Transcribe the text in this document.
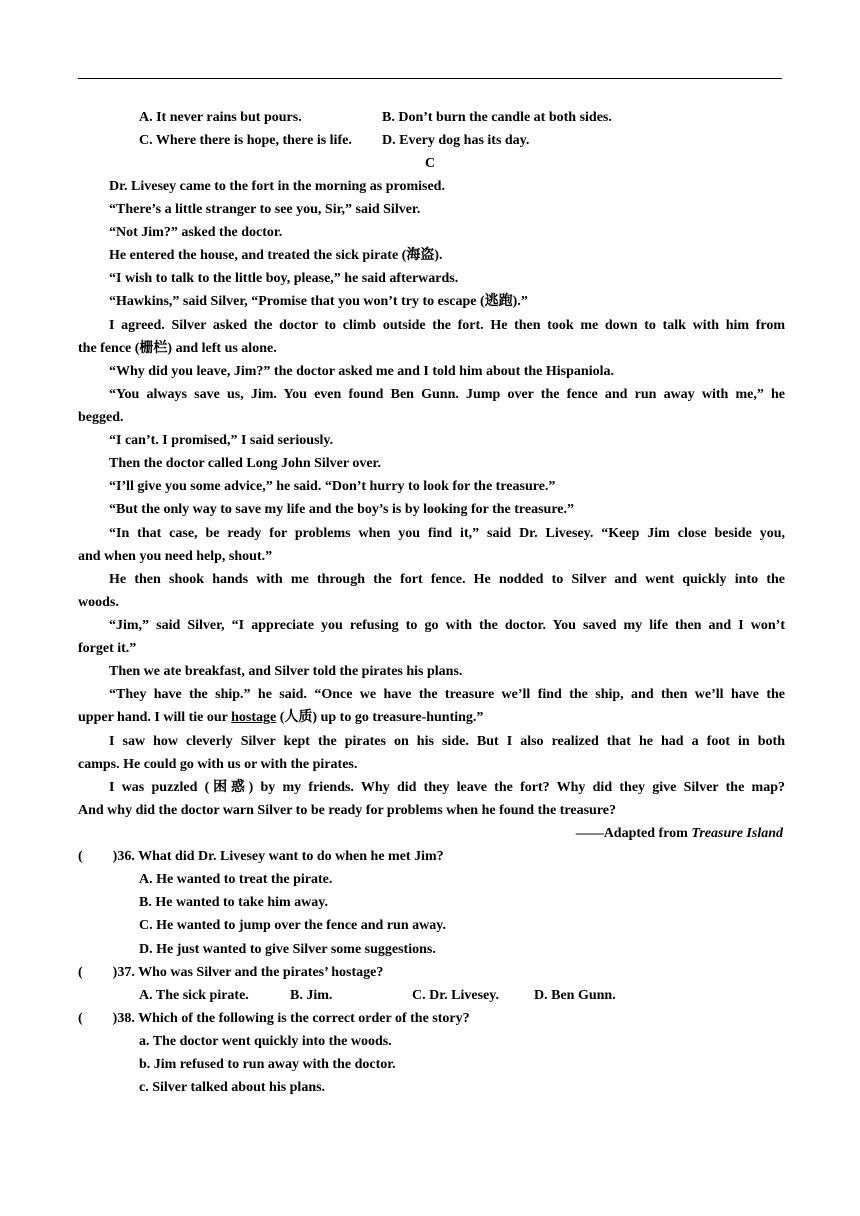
A. It never rains but pours.	B. Don’t burn the candle at both sides.
C. Where there is hope, there is life. D. Every dog has its day.
C
Dr. Livesey came to the fort in the morning as promised.
“There’s a little stranger to see you, Sir,” said Silver.
“Not Jim?” asked the doctor.
He entered the house, and treated the sick pirate (海盗).
“I wish to talk to the little boy, please,” he said afterwards.
“Hawkins,” said Silver, “Promise that you won’t try to escape (逃跑).”
I agreed. Silver asked the doctor to climb outside the fort. He then took me down to talk with him from
the fence (栅栏) and left us alone.
“Why did you leave, Jim?” the doctor asked me and I told him about the Hispaniola.
“You always save us, Jim. You even found Ben Gunn. Jump over the fence and run away with me,” he
begged.
“I can’t. I promised,” I said seriously.
Then the doctor called Long John Silver over.
“I’ll give you some advice,” he said. “Don’t hurry to look for the treasure.”
“But the only way to save my life and the boy’s is by looking for the treasure.”
“In that case, be ready for problems when you find it,” said Dr. Livesey. “Keep Jim close beside you,
and when you need help, shout.”
He then shook hands with me through the fort fence. He nodded to Silver and went quickly into the
woods.
“Jim,” said Silver, “I appreciate you refusing to go with the doctor. You saved my life then and I won’t
forget it.”
Then we ate breakfast, and Silver told the pirates his plans.
“They have the ship.” he said. “Once we have the treasure we’ll find the ship, and then we’ll have the
upper hand. I will tie our hostage (人质) up to go treasure-hunting.”
I saw how cleverly Silver kept the pirates on his side. But I also realized that he had a foot in both
camps. He could go with us or with the pirates.
I was puzzled (困惑) by my friends. Why did they leave the fort? Why did they give Silver the map?
And why did the doctor warn Silver to be ready for problems when he found the treasure?
——Adapted from Treasure Island
( )36. What did Dr. Livesey want to do when he met Jim?
A. He wanted to treat the pirate.
B. He wanted to take him away.
C. He wanted to jump over the fence and run away.
D. He just wanted to give Silver some suggestions.
( )37. Who was Silver and the pirates’ hostage?
A. The sick pirate.	B. Jim.	C. Dr. Livesey.	D. Ben Gunn.
( )38. Which of the following is the correct order of the story?
a. The doctor went quickly into the woods.
b. Jim refused to run away with the doctor.
c. Silver talked about his plans.
